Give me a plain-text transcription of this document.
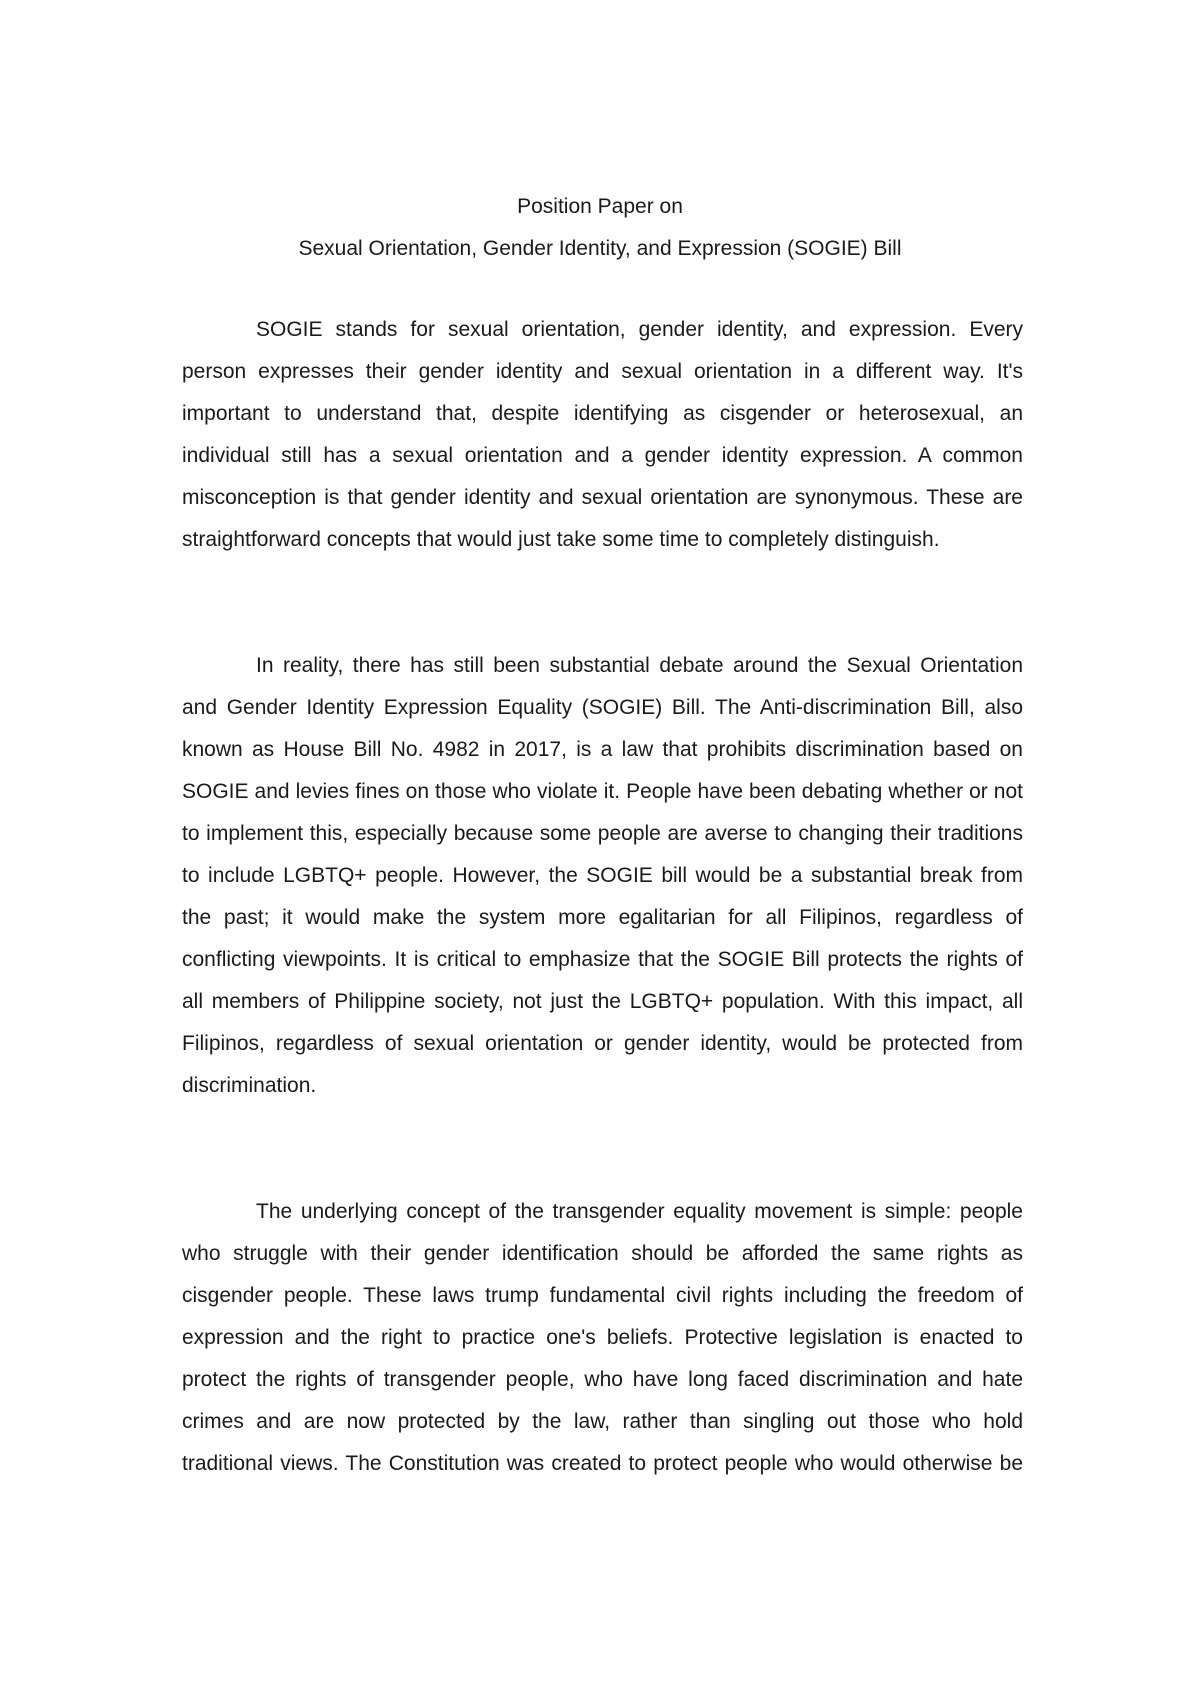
Position Paper on
Sexual Orientation, Gender Identity, and Expression (SOGIE) Bill

SOGIE stands for sexual orientation, gender identity, and expression. Every person expresses their gender identity and sexual orientation in a different way. It's important to understand that, despite identifying as cisgender or heterosexual, an individual still has a sexual orientation and a gender identity expression. A common misconception is that gender identity and sexual orientation are synonymous. These are straightforward concepts that would just take some time to completely distinguish.

In reality, there has still been substantial debate around the Sexual Orientation and Gender Identity Expression Equality (SOGIE) Bill. The Anti-discrimination Bill, also known as House Bill No. 4982 in 2017, is a law that prohibits discrimination based on SOGIE and levies fines on those who violate it. People have been debating whether or not to implement this, especially because some people are averse to changing their traditions to include LGBTQ+ people. However, the SOGIE bill would be a substantial break from the past; it would make the system more egalitarian for all Filipinos, regardless of conflicting viewpoints. It is critical to emphasize that the SOGIE Bill protects the rights of all members of Philippine society, not just the LGBTQ+ population. With this impact, all Filipinos, regardless of sexual orientation or gender identity, would be protected from discrimination.

The underlying concept of the transgender equality movement is simple: people who struggle with their gender identification should be afforded the same rights as cisgender people. These laws trump fundamental civil rights including the freedom of expression and the right to practice one's beliefs. Protective legislation is enacted to protect the rights of transgender people, who have long faced discrimination and hate crimes and are now protected by the law, rather than singling out those who hold traditional views. The Constitution was created to protect people who would otherwise be
